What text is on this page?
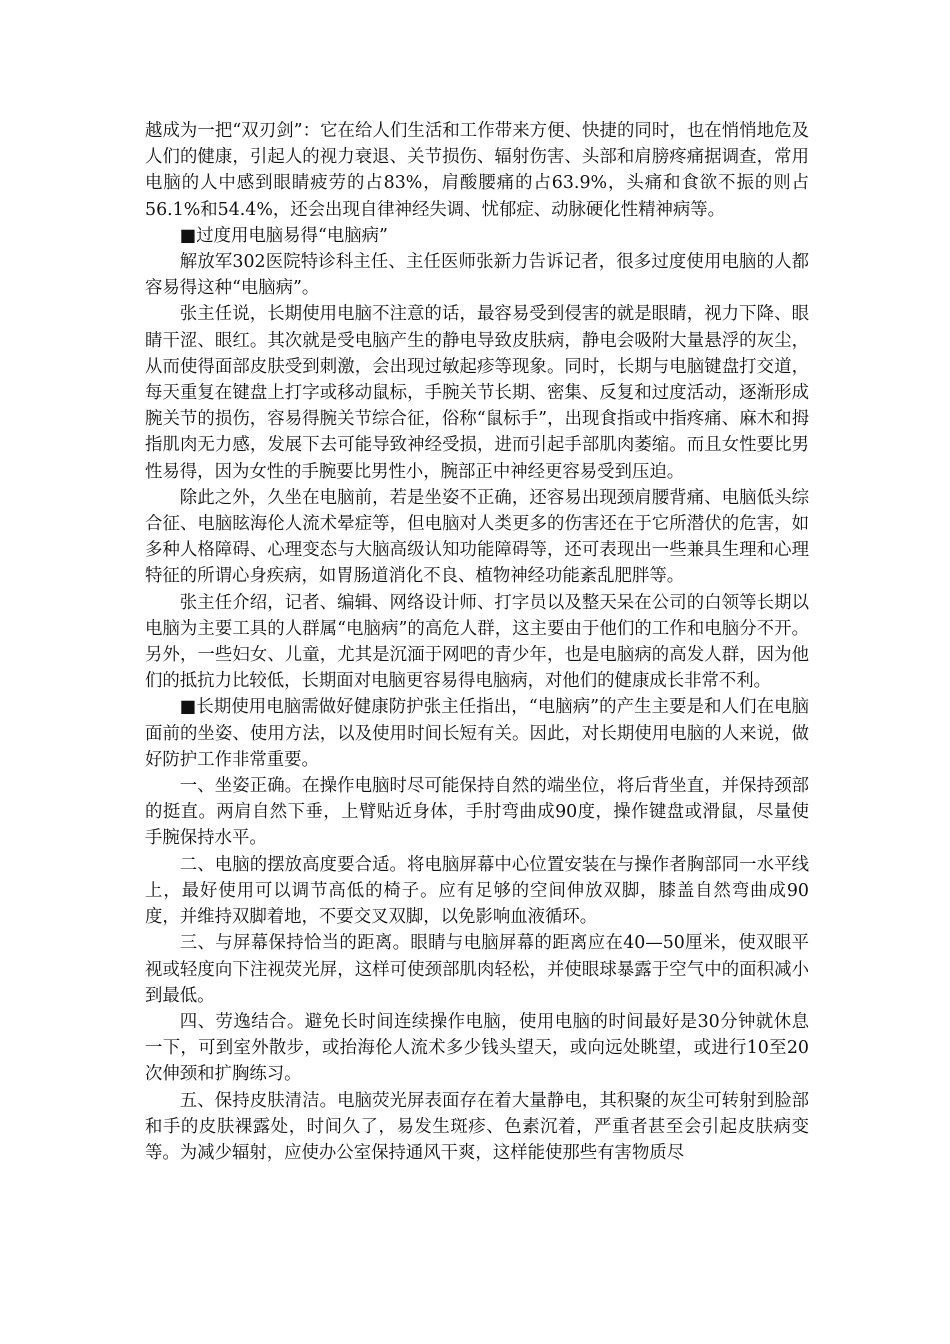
越成为一把“双刃剑”：它在给人们生活和工作带来方便、快捷的同时，也在悄悄地危及人们的健康，引起人的视力衰退、关节损伤、辐射伤害、头部和肩膀疼痛据调查，常用电脑的人中感到眼睛疲劳的占83%，肩酸腰痛的占63.9%，头痛和食欲不振的则占56.1%和54.4%，还会出现自律神经失调、忧郁症、动脉硬化性精神病等。

■过度用电脑易得“电脑病”

解放军302医院特诊科主任、主任医师张新力告诉记者，很多过度使用电脑的人都容易得这种“电脑病”。

张主任说，长期使用电脑不注意的话，最容易受到侵害的就是眼睛，视力下降、眼睛干涩、眼红。其次就是受电脑产生的静电导致皮肤病，静电会吸附大量悬浮的灰尘，从而使得面部皮肤受到刺激，会出现过敏起疹等现象。同时，长期与电脑键盘打交道，每天重复在键盘上打字或移动鼠标，手腕关节长期、密集、反复和过度活动，逐渐形成腕关节的损伤，容易得腕关节综合征，俗称“鼠标手”，出现食指或中指疼痛、麻木和拇指肌肉无力感，发展下去可能导致神经受损，进而引起手部肌肉萎缩。而且女性要比男性易得，因为女性的手腕要比男性小，腕部正中神经更容易受到压迫。

除此之外，久坐在电脑前，若是坐姿不正确，还容易出现颈肩腰背痛、电脑低头综合征、电脑眩海伦人流术晕症等，但电脑对人类更多的伤害还在于它所潜伏的危害，如多种人格障碍、心理变态与大脑高级认知功能障碍等，还可表现出一些兼具生理和心理特征的所谓心身疾病，如胃肠道消化不良、植物神经功能紊乱肥胖等。

张主任介绍，记者、编辑、网络设计师、打字员以及整天呆在公司的白领等长期以电脑为主要工具的人群属“电脑病”的高危人群，这主要由于他们的工作和电脑分不开。另外，一些妇女、儿童，尤其是沉湎于网吧的青少年，也是电脑病的高发人群，因为他们的抵抗力比较低，长期面对电脑更容易得电脑病，对他们的健康成长非常不利。

■长期使用电脑需做好健康防护张主任指出，“电脑病”的产生主要是和人们在电脑面前的坐姿、使用方法，以及使用时间长短有关。因此，对长期使用电脑的人来说，做好防护工作非常重要。

一、坐姿正确。在操作电脑时尽可能保持自然的端坐位，将后背坐直，并保持颈部的挺直。两肩自然下垂，上臂贴近身体，手肘弯曲成90度，操作键盘或滑鼠，尽量使手腕保持水平。

二、电脑的摆放高度要合适。将电脑屏幕中心位置安装在与操作者胸部同一水平线上，最好使用可以调节高低的椅子。应有足够的空间伸放双脚，膝盖自然弯曲成90度，并维持双脚着地，不要交叉双脚，以免影响血液循环。

三、与屏幕保持恰当的距离。眼睛与电脑屏幕的距离应在40—50厘米，使双眼平视或轻度向下注视荧光屏，这样可使颈部肌肉轻松，并使眼球暴露于空气中的面积减小到最低。

四、劳逸结合。避免长时间连续操作电脑，使用电脑的时间最好是30分钟就休息一下，可到室外散步，或抬海伦人流术多少钱头望天，或向远处眺望，或进行10至20次伸颈和扩胸练习。

五、保持皮肤清洁。电脑荧光屏表面存在着大量静电，其积聚的灰尘可转射到脸部和手的皮肤裸露处，时间久了，易发生斑疹、色素沉着，严重者甚至会引起皮肤病变等。为减少辐射，应使办公室保持通风干爽，这样能使那些有害物质尽
